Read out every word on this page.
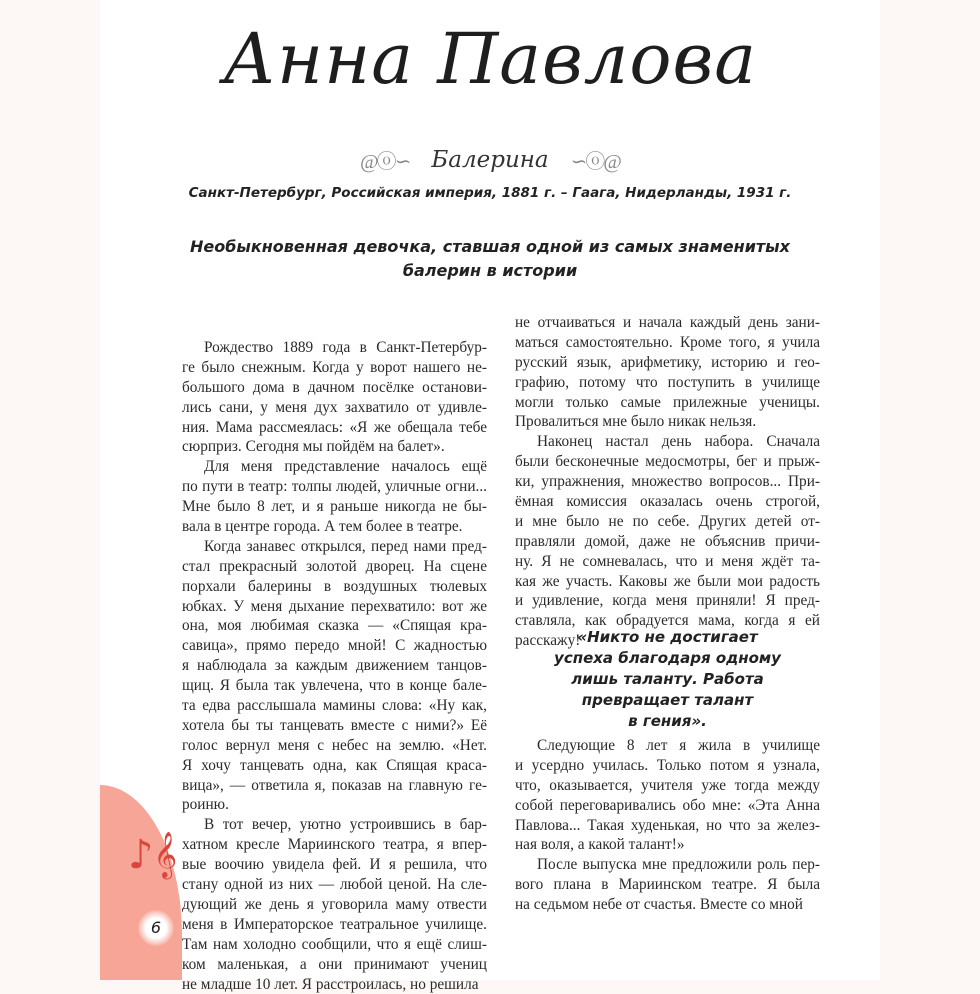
♪𝄞
6
Анна Павлова
@ⓞ∽ Балерина ∽ⓞ@
Санкт-Петербург, Российская империя, 1881 г. – Гаага, Нидерланды, 1931 г.
Необыкновенная девочка, ставшая одной из самых знаменитых балерин в истории
Рождество 1889 года в Санкт-Петербур-
ге было снежным. Когда у ворот нашего не-
большого дома в дачном посёлке останови-
лись сани, у меня дух захватило от удивле-
ния. Мама рассмеялась: «Я же обещала тебе
сюрприз. Сегодня мы пойдём на балет».
Для меня представление началось ещё
по пути в театр: толпы людей, уличные огни...
Мне было 8 лет, и я раньше никогда не бы-
вала в центре города. А тем более в театре.
Когда занавес открылся, перед нами пред-
стал прекрасный золотой дворец. На сцене
порхали балерины в воздушных тюлевых
юбках. У меня дыхание перехватило: вот же
она, моя любимая сказка — «Спящая кра-
савица», прямо передо мной! С жадностью
я наблюдала за каждым движением танцов-
щиц. Я была так увлечена, что в конце бале-
та едва расслышала мамины слова: «Ну как,
хотела бы ты танцевать вместе с ними?» Её
голос вернул меня с небес на землю. «Нет.
Я хочу танцевать одна, как Спящая краса-
вица», — ответила я, показав на главную ге-
роиню.
В тот вечер, уютно устроившись в бар-
хатном кресле Мариинского театра, я впер-
вые воочию увидела фей. И я решила, что
стану одной из них — любой ценой. На сле-
дующий же день я уговорила маму отвести
меня в Императорское театральное училище.
Там нам холодно сообщили, что я ещё слиш-
ком маленькая, а они принимают учениц
не младше 10 лет. Я расстроилась, но решила
не отчаиваться и начала каждый день зани-
маться самостоятельно. Кроме того, я учила
русский язык, арифметику, историю и гео-
графию, потому что поступить в училище
могли только самые прилежные ученицы.
Провалиться мне было никак нельзя.
Наконец настал день набора. Сначала
были бесконечные медосмотры, бег и прыж-
ки, упражнения, множество вопросов... При-
ёмная комиссия оказалась очень строгой,
и мне было не по себе. Других детей от-
правляли домой, даже не объяснив причи-
ну. Я не сомневалась, что и меня ждёт та-
кая же участь. Каковы же были мои радость
и удивление, когда меня приняли! Я пред-
ставляла, как обрадуется мама, когда я ей
расскажу!
«Никто не достигает
успеха благодаря одному
лишь таланту. Работа
превращает талант
в гения».
Следующие 8 лет я жила в училище
и усердно училась. Только потом я узнала,
что, оказывается, учителя уже тогда между
собой переговаривались обо мне: «Эта Анна
Павлова... Такая худенькая, но что за желез-
ная воля, а какой талант!»
После выпуска мне предложили роль пер-
вого плана в Мариинском театре. Я была
на седьмом небе от счастья. Вместе со мной
